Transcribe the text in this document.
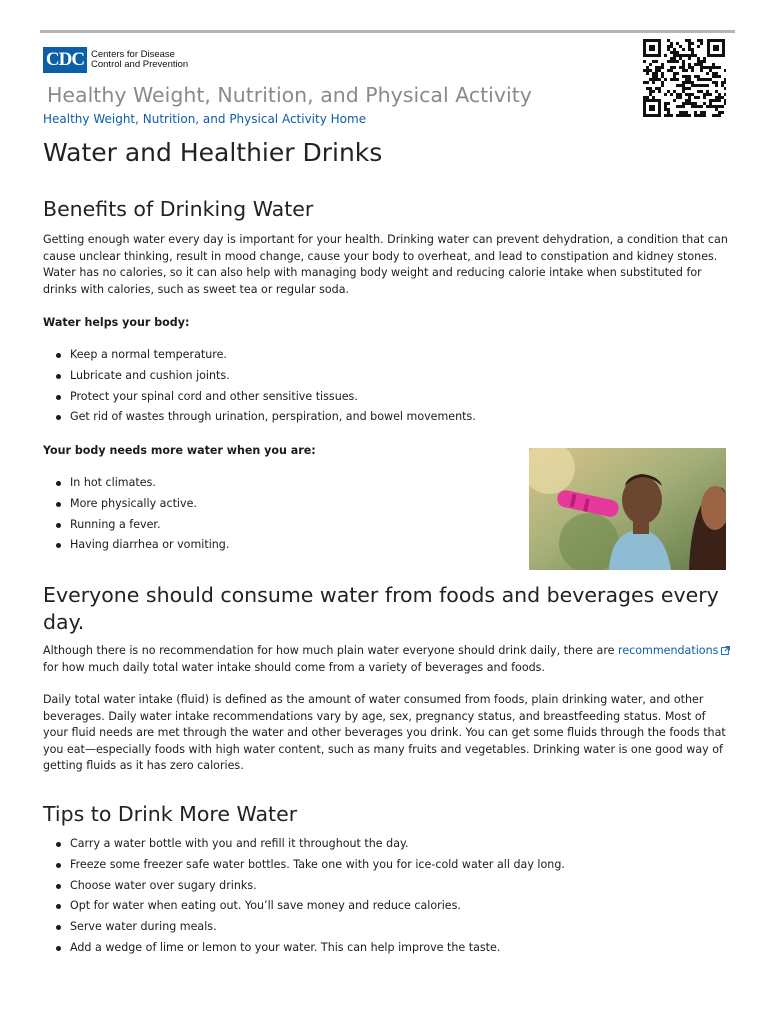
CDC Centers for Disease
Control and Prevention
Healthy Weight, Nutrition, and Physical Activity
Healthy Weight, Nutrition, and Physical Activity Home
Water and Healthier Drinks
Benefits of Drinking Water

Getting enough water every day is important for your health. Drinking water can prevent dehydration, a condition that can cause unclear thinking, result in mood change, cause your body to overheat, and lead to constipation and kidney stones. Water has no calories, so it can also help with managing body weight and reducing calorie intake when substituted for drinks with calories, such as sweet tea or regular soda.

Water helps your body:

Keep a normal temperature.
Lubricate and cushion joints.
Protect your spinal cord and other sensitive tissues.
Get rid of wastes through urination, perspiration, and bowel movements.

Your body needs more water when you are:

In hot climates.
More physically active.
Running a fever.
Having diarrhea or vomiting.
Everyone should consume water from foods and beverages every day.

Although there is no recommendation for how much plain water everyone should drink daily, there are recommendations for how much daily total water intake should come from a variety of beverages and foods.

Daily total water intake (fluid) is defined as the amount of water consumed from foods, plain drinking water, and other beverages. Daily water intake recommendations vary by age, sex, pregnancy status, and breastfeeding status. Most of your fluid needs are met through the water and other beverages you drink. You can get some fluids through the foods that you eat—especially foods with high water content, such as many fruits and vegetables. Drinking water is one good way of getting fluids as it has zero calories.

Tips to Drink More Water
Carry a water bottle with you and refill it throughout the day.
Freeze some freezer safe water bottles. Take one with you for ice-cold water all day long.
Choose water over sugary drinks.
Opt for water when eating out. You’ll save money and reduce calories.
Serve water during meals.
Add a wedge of lime or lemon to your water. This can help improve the taste.
